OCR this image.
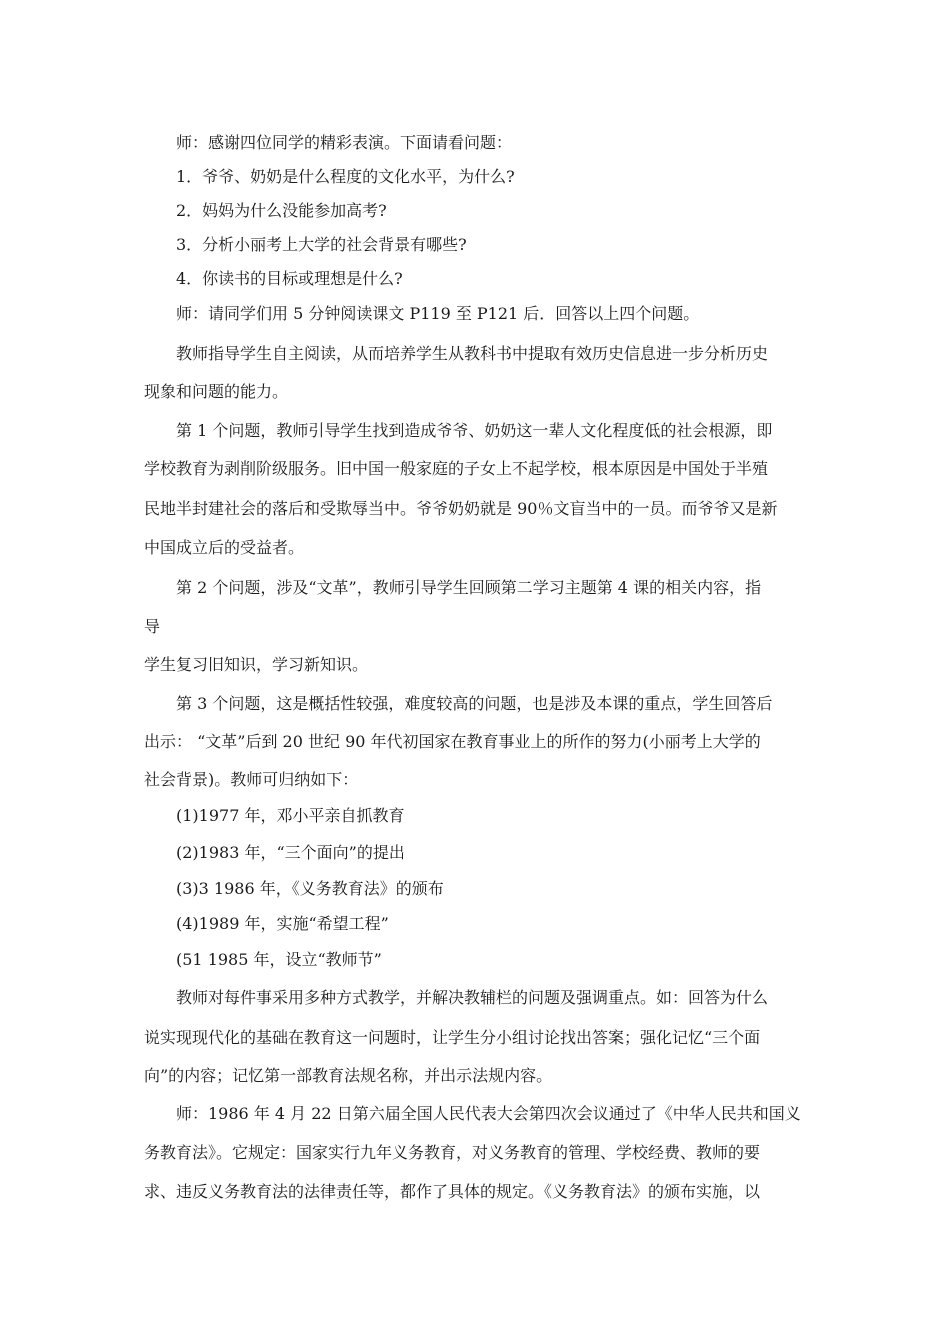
师：感谢四位同学的精彩表演。下面请看问题：
1．爷爷、奶奶是什么程度的文化水平，为什么?
2．妈妈为什么没能参加高考?
3．分析小丽考上大学的社会背景有哪些?
4．你读书的目标或理想是什么?
师：请同学们用 5 分钟阅读课文 P119 至 P121 后．回答以上四个问题。
教师指导学生自主阅读，从而培养学生从教科书中提取有效历史信息进一步分析历史
现象和问题的能力。
第 1 个问题，教师引导学生找到造成爷爷、奶奶这一辈人文化程度低的社会根源，即
学校教育为剥削阶级服务。旧中国一般家庭的子女上不起学校，根本原因是中国处于半殖
民地半封建社会的落后和受欺辱当中。爷爷奶奶就是 90％文盲当中的一员。而爷爷又是新
中国成立后的受益者。
第 2 个问题，涉及“文革”，教师引导学生回顾第二学习主题第 4 课的相关内容，指
导
学生复习旧知识，学习新知识。
第 3 个问题，这是概括性较强，难度较高的问题，也是涉及本课的重点，学生回答后
出示： “文革”后到 20 世纪 90 年代初国家在教育事业上的所作的努力(小丽考上大学的
社会背景)。教师可归纳如下：
(1)1977 年，邓小平亲自抓教育
(2)1983 年，“三个面向”的提出
(3)3 1986 年，《义务教育法》的颁布
(4)1989 年，实施“希望工程”
(51 1985 年，设立“教师节”
教师对每件事采用多种方式教学，并解决教辅栏的问题及强调重点。如：回答为什么
说实现现代化的基础在教育这一问题时，让学生分小组讨论找出答案；强化记忆“三个面
向”的内容；记忆第一部教育法规名称，并出示法规内容。
师：1986 年 4 月 22 日第六届全国人民代表大会第四次会议通过了《中华人民共和国义
务教育法》。它规定：国家实行九年义务教育，对义务教育的管理、学校经费、教师的要
求、违反义务教育法的法律责任等，都作了具体的规定。《义务教育法》的颁布实施，以
